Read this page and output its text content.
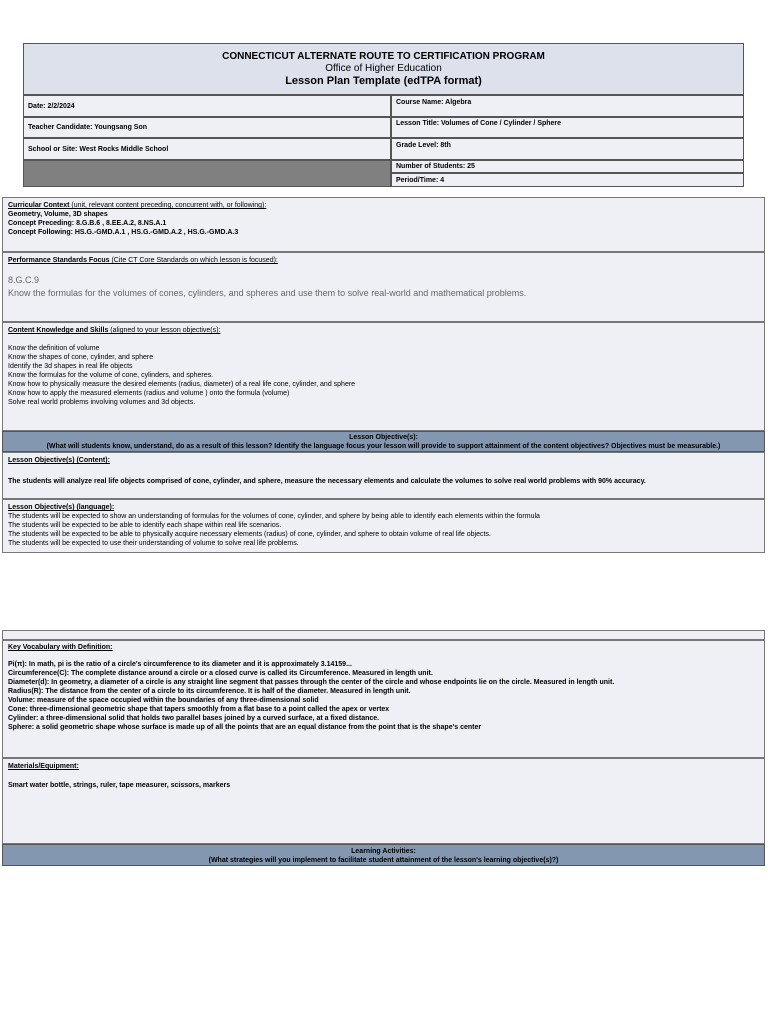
CONNECTICUT ALTERNATE ROUTE TO CERTIFICATION PROGRAM
Office of Higher Education
Lesson Plan Template (edTPA format)
Date: 2/2/2024	Course Name: Algebra
Teacher Candidate: Youngsang Son
Lesson Title: Volumes of Cone / Cylinder / Sphere
School or Site: West Rocks Middle School	Grade Level: 8th
Number of Students: 25
Period/Time: 4
Curricular Context (unit, relevant content preceding, concurrent with, or following):
Geometry, Volume, 3D shapes
Concept Preceding: 8.G.B.6 , 8.EE.A.2, 8.NS.A.1
Concept Following: HS.G.-GMD.A.1 , HS.G.-GMD.A.2 , HS.G.-GMD.A.3
Performance Standards Focus (Cite CT Core Standards on which lesson is focused):
8.G.C.9
Know the formulas for the volumes of cones, cylinders, and spheres and use them to solve real-world and mathematical problems.
Content Knowledge and Skills (aligned to your lesson objective(s):
Know the definition of volume
Know the shapes of cone, cylinder, and sphere
Identify the 3d shapes in real life objects
Know the formulas for the volume of cone, cylinders, and spheres.
Know how to physically measure the desired elements (radius, diameter) of a real life cone, cylinder, and sphere
Know how to apply the measured elements (radius and volume ) onto the formula (volume)
Solve real world problems involving volumes and 3d objects.
Lesson Objective(s):
(What will students know, understand, do as a result of this lesson? Identify the language focus your lesson will provide to support attainment of the content objectives? Objectives must be measurable.)
Lesson Objective(s) (Content):
The students will analyze real life objects comprised of cone, cylinder, and sphere, measure the necessary elements and calculate the volumes to solve real world problems with 90% accuracy.
Lesson Objective(s) (language):
The students will be expected to show an understanding of formulas for the volumes of cone, cylinder, and sphere by being able to identify each elements within the formula
The students will be expected to be able to identify each shape within real life scenarios.
The students will be expected to be able to physically acquire necessary elements (radius) of cone, cylinder, and sphere to obtain volume of real life objects.
The students will be expected to use their understanding of volume to solve real life problems.
Key Vocabulary with Definition:
Pi(π): In math, pi is the ratio of a circle's circumference to its diameter and it is approximately 3.14159...
Circumference(C): The complete distance around a circle or a closed curve is called its Circumference. Measured in length unit.
Diameter(d): In geometry, a diameter of a circle is any straight line segment that passes through the center of the circle and whose endpoints lie on the circle. Measured in length unit.
Radius(R): The distance from the center of a circle to its circumference. It is half of the diameter. Measured in length unit.
Volume: measure of the space occupied within the boundaries of any three-dimensional solid
Cone: three-dimensional geometric shape that tapers smoothly from a flat base to a point called the apex or vertex
Cylinder: a three-dimensional solid that holds two parallel bases joined by a curved surface, at a fixed distance.
Sphere: a solid geometric shape whose surface is made up of all the points that are an equal distance from the point that is the shape's center
Materials/Equipment:
Smart water bottle, strings, ruler, tape measurer, scissors, markers
Learning Activities:
(What strategies will you implement to facilitate student attainment of the lesson's learning objective(s)?)
